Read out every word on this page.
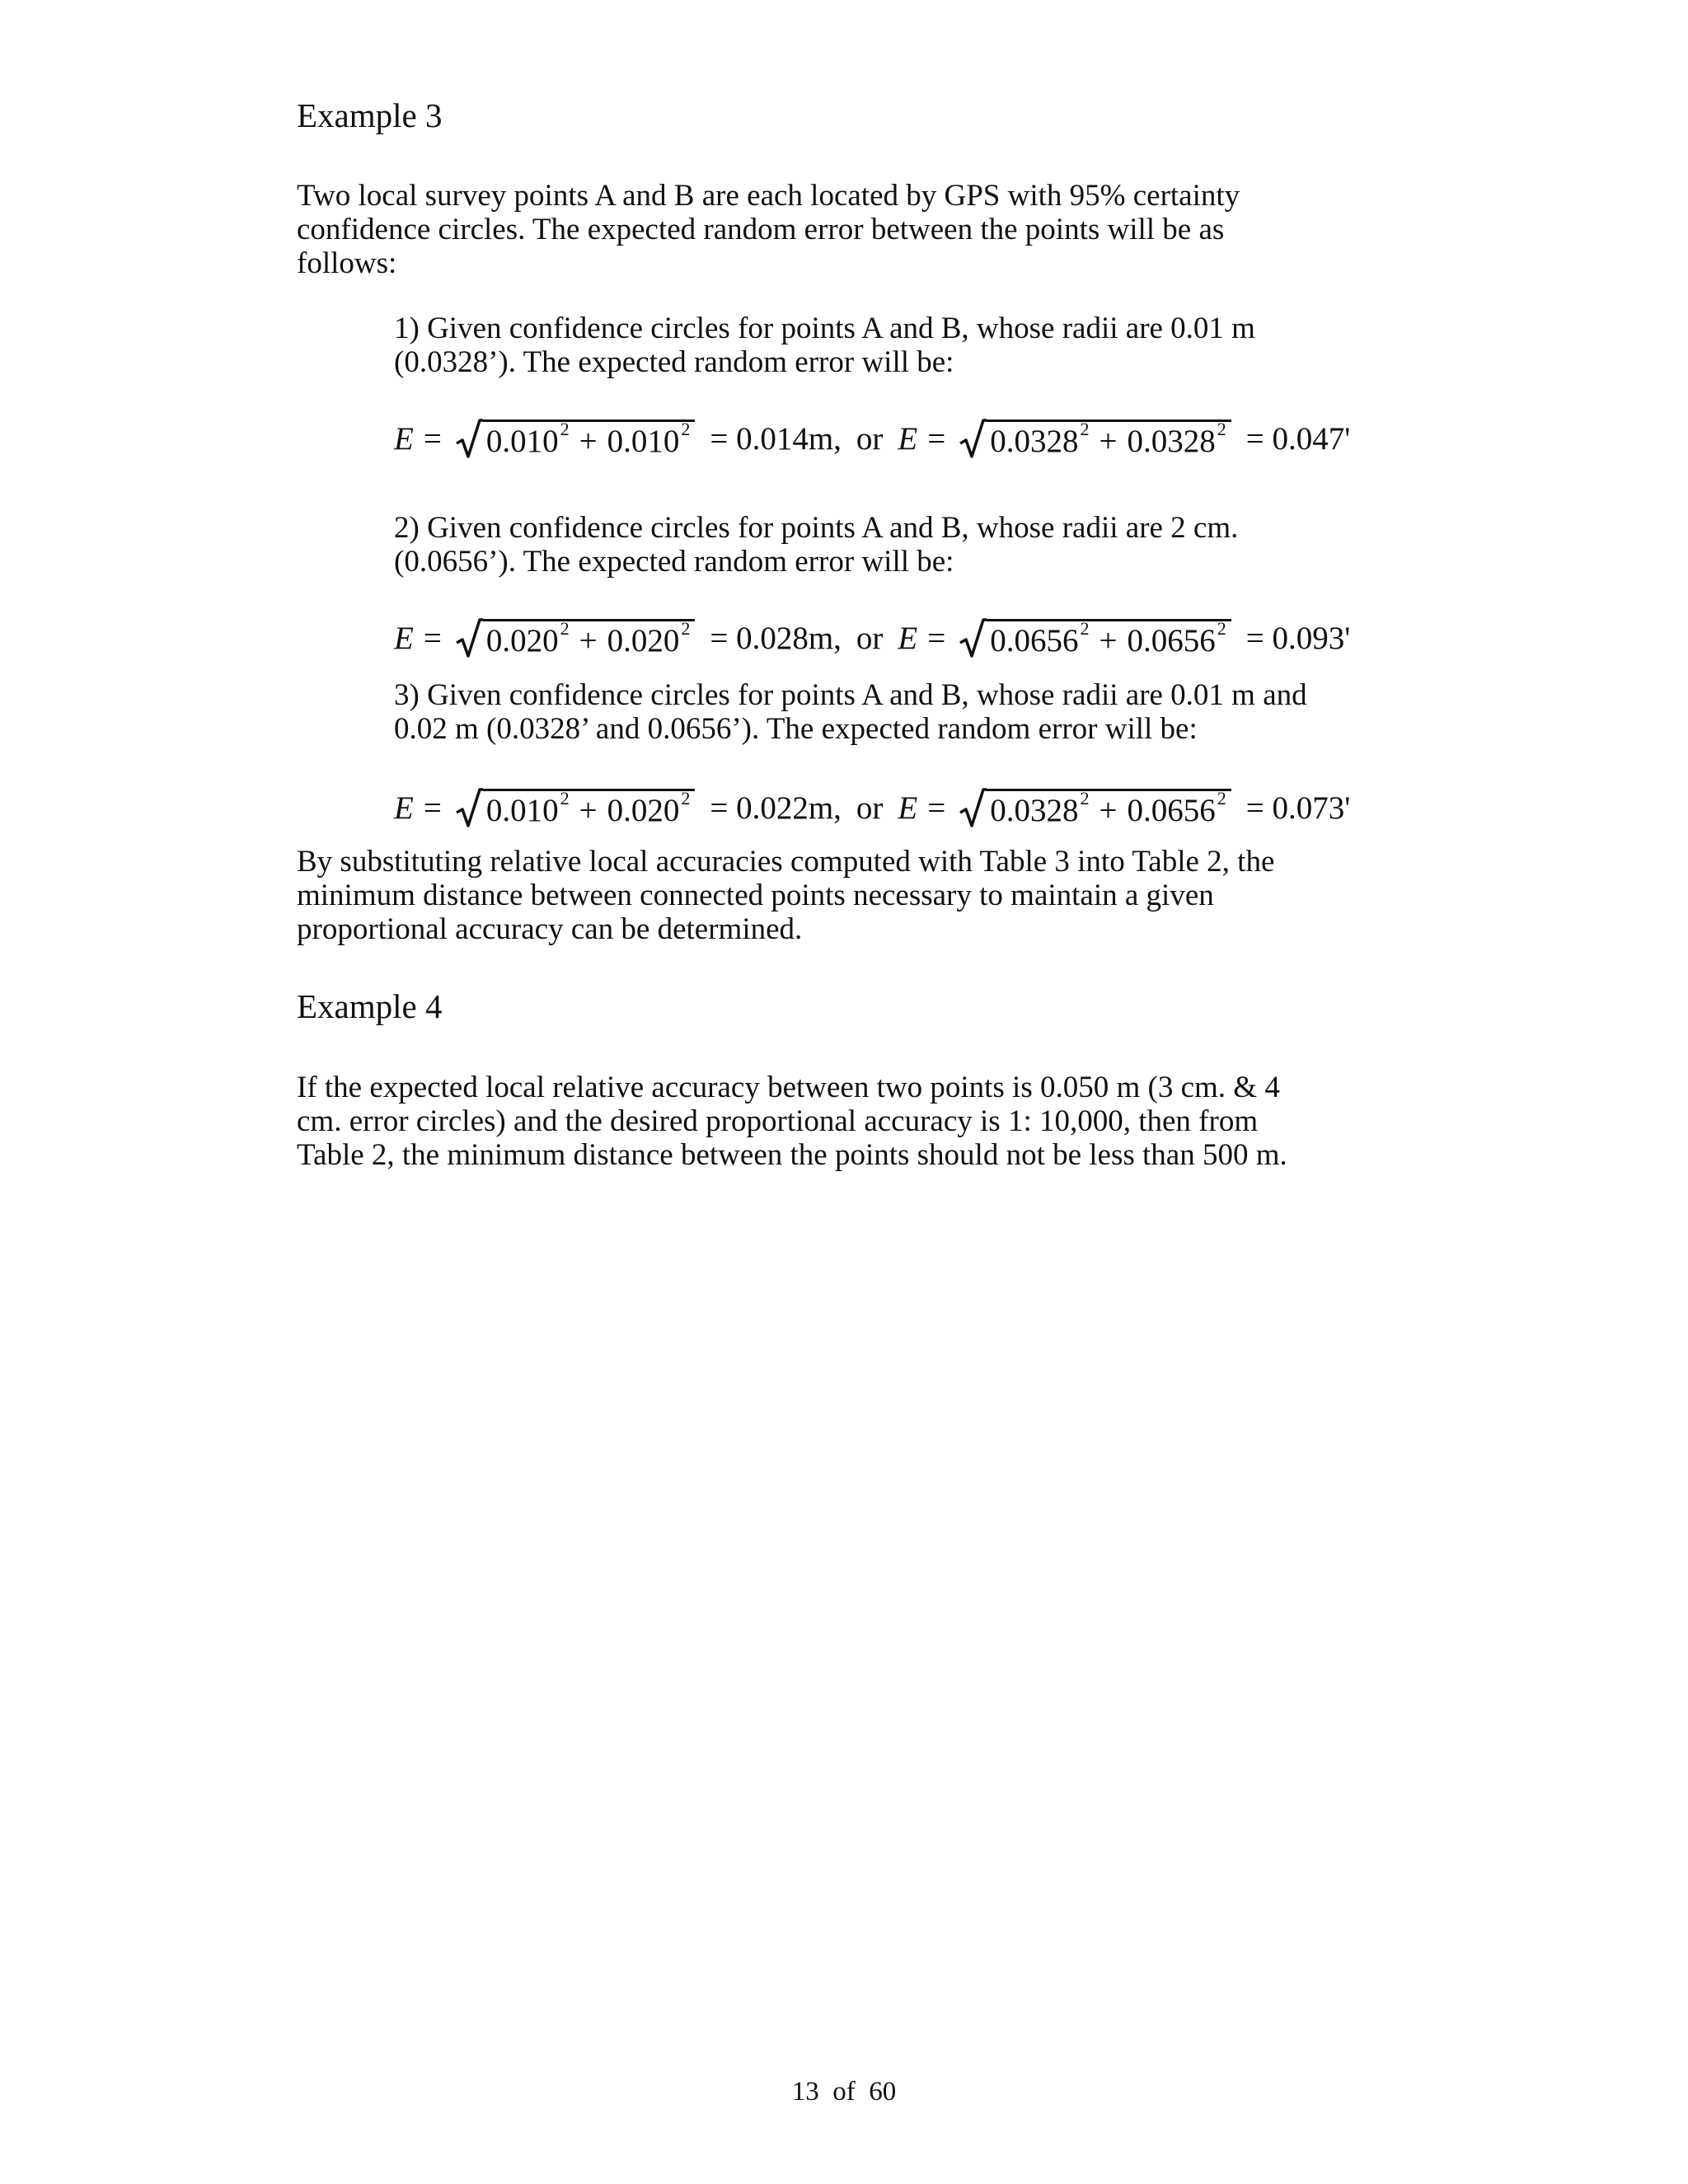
Example 3

Two local survey points A and B are each located by GPS with 95% certainty
confidence circles. The expected random error between the points will be as
follows:

1) Given confidence circles for points A and B, whose radii are 0.01 m
(0.0328’). The expected random error will be:

$E = 0.010^2 + 0.010^2 = 0.014m$, or $E = 0.0328^2 + 0.0328^2 = 0.047'$

2) Given confidence circles for points A and B, whose radii are 2 cm.
(0.0656’). The expected random error will be:

$E = 0.020^2 + 0.020^2 = 0.028m$, or $E = 0.0656^2 + 0.0656^2 = 0.093'$

3) Given confidence circles for points A and B, whose radii are 0.01 m and
0.02 m (0.0328’ and 0.0656’). The expected random error will be:

$E = 0.010^2 + 0.020^2 = 0.022m$, or $E = 0.0328^2 + 0.0656^2 = 0.073'$

By substituting relative local accuracies computed with Table 3 into Table 2, the
minimum distance between connected points necessary to maintain a given
proportional accuracy can be determined.

Example 4

If the expected local relative accuracy between two points is 0.050 m (3 cm. & 4
cm. error circles) and the desired proportional accuracy is 1: 10,000, then from
Table 2, the minimum distance between the points should not be less than 500 m.

13 of 60
